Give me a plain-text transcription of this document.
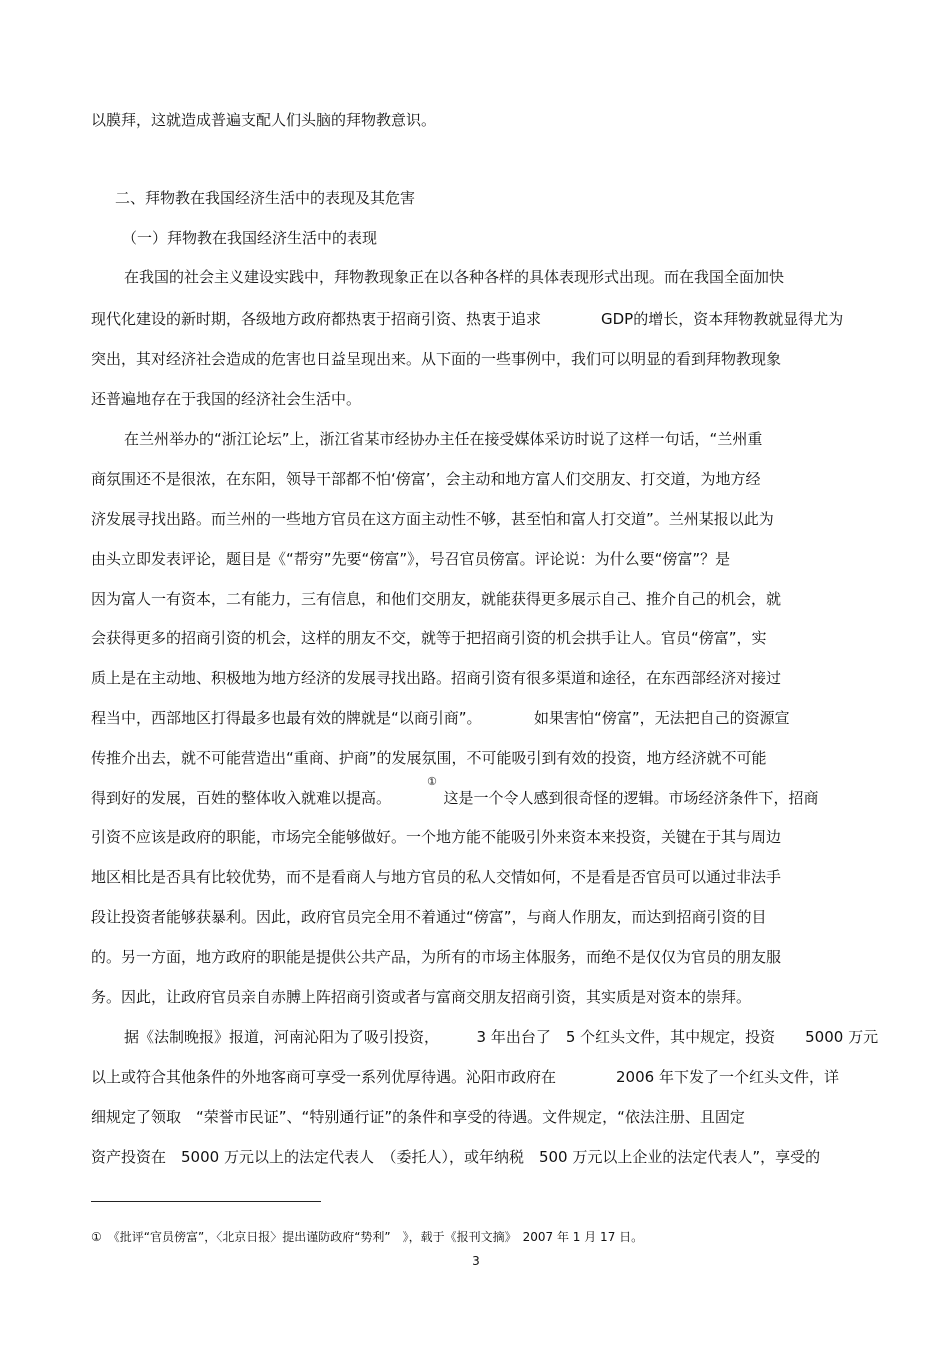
以膜拜，这就造成普遍支配人们头脑的拜物教意识。
二、拜物教在我国经济生活中的表现及其危害
（一）拜物教在我国经济生活中的表现
在我国的社会主义建设实践中，拜物教现象正在以各种各样的具体表现形式出现。而在我国全面加快
现代化建设的新时期，各级地方政府都热衷于招商引资、热衷于追求　　　　GDP的增长，资本拜物教就显得尤为
突出，其对经济社会造成的危害也日益呈现出来。从下面的一些事例中，我们可以明显的看到拜物教现象
还普遍地存在于我国的经济社会生活中。
在兰州举办的“浙江论坛”上，浙江省某市经协办主任在接受媒体采访时说了这样一句话，“兰州重
商氛围还不是很浓，在东阳，领导干部都不怕‘傍富’，会主动和地方富人们交朋友、打交道，为地方经
济发展寻找出路。而兰州的一些地方官员在这方面主动性不够，甚至怕和富人打交道”。兰州某报以此为
由头立即发表评论，题目是《“帮穷”先要“傍富”》，号召官员傍富。评论说：为什么要“傍富”？是
因为富人一有资本，二有能力，三有信息，和他们交朋友，就能获得更多展示自己、推介自己的机会，就
会获得更多的招商引资的机会，这样的朋友不交，就等于把招商引资的机会拱手让人。官员“傍富”，实
质上是在主动地、积极地为地方经济的发展寻找出路。招商引资有很多渠道和途径，在东西部经济对接过
程当中，西部地区打得最多也最有效的牌就是“以商引商”。　　　　如果害怕“傍富”，无法把自己的资源宣
传推介出去，就不可能营造出“重商、护商”的发展氛围，不可能吸引到有效的投资，地方经济就不可能
①
得到好的发展，百姓的整体收入就难以提高。　　　　这是一个令人感到很奇怪的逻辑。市场经济条件下，招商
引资不应该是政府的职能，市场完全能够做好。一个地方能不能吸引外来资本来投资，关键在于其与周边
地区相比是否具有比较优势，而不是看商人与地方官员的私人交情如何，不是看是否官员可以通过非法手
段让投资者能够获暴利。因此，政府官员完全用不着通过“傍富”，与商人作朋友，而达到招商引资的目
的。另一方面，地方政府的职能是提供公共产品，为所有的市场主体服务，而绝不是仅仅为官员的朋友服
务。因此，让政府官员亲自赤膊上阵招商引资或者与富商交朋友招商引资，其实质是对资本的崇拜。
据《法制晚报》报道，河南沁阳为了吸引投资，　　　3 年出台了　5 个红头文件，其中规定，投资　　5000 万元
以上或符合其他条件的外地客商可享受一系列优厚待遇。沁阳市政府在　　　　2006 年下发了一个红头文件，详
细规定了领取　“荣誉市民证”、“特别通行证”的条件和享受的待遇。文件规定，“依法注册、且固定
资产投资在　5000 万元以上的法定代表人　（委托人），或年纳税　500 万元以上企业的法定代表人”，享受的
①　《批评“官员傍富”，〈北京日报〉提出谨防政府“势利”　》，载于《报刊文摘》　2007 年 1 月 17 日。
3
